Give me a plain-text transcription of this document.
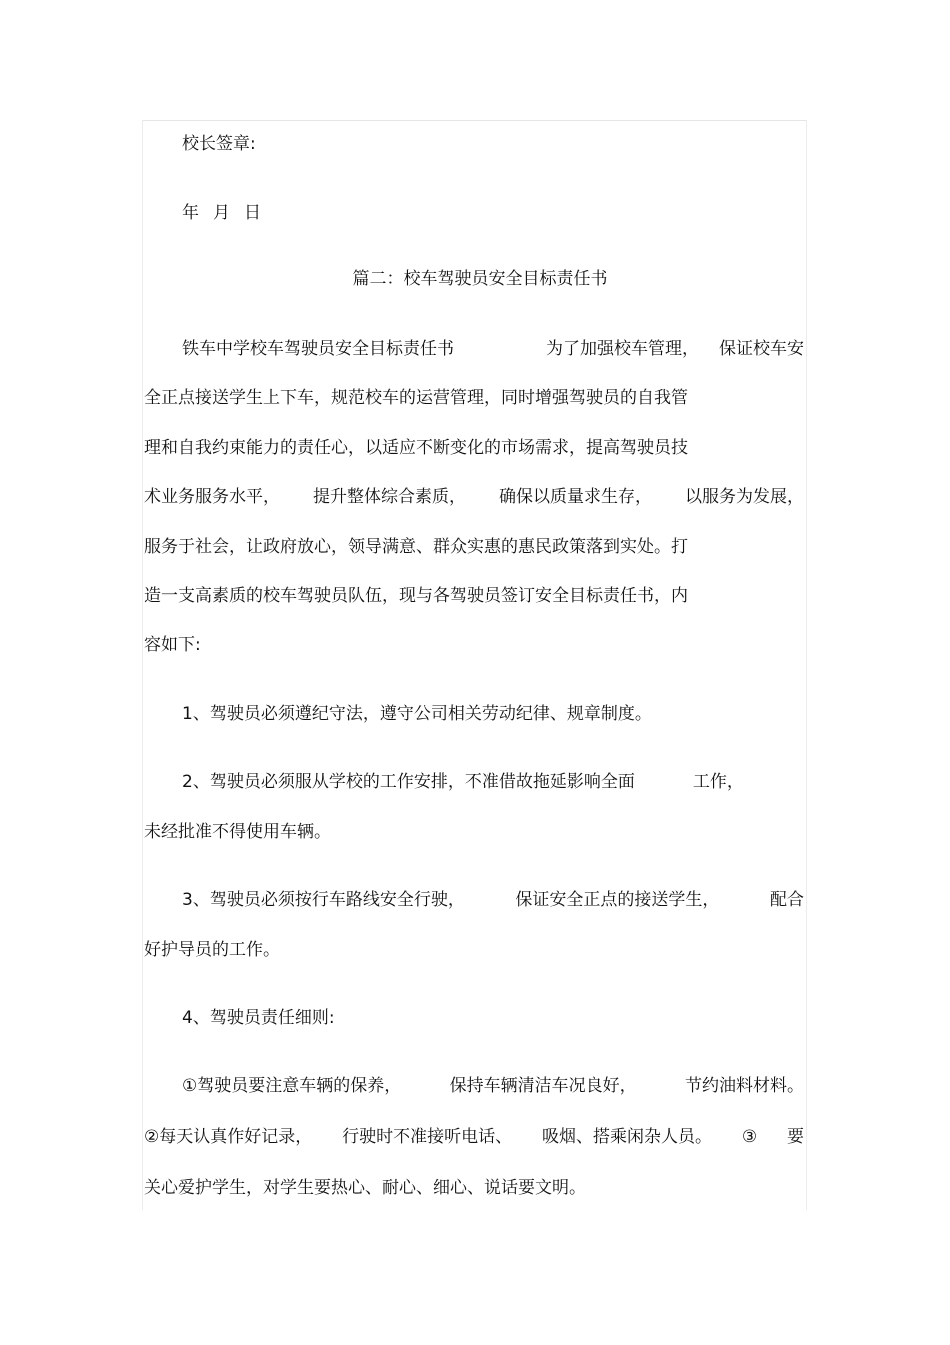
校长签章:
年 月 日
篇二：校车驾驶员安全目标责任书
铁车中学校车驾驶员安全目标责任书	为了加强校车管理， 保证校车安
全正点接送学生上下车，规范校车的运营管理，同时增强驾驶员的自我管
理和自我约束能力的责任心，以适应不断变化的市场需求，提高驾驶员技
术业务服务水平， 提升整体综合素质， 确保以质量求生存， 以服务为发展，
服务于社会，让政府放心，领导满意、群众实惠的惠民政策落到实处。打
造一支高素质的校车驾驶员队伍，现与各驾驶员签订安全目标责任书，内
容如下:
1、驾驶员必须遵纪守法，遵守公司相关劳动纪律、规章制度。
2、驾驶员必须服从学校的工作安排，不准借故拖延影响全面	工作，
未经批准不得使用车辆。
3、驾驶员必须按行车路线安全行驶，	保证安全正点的接送学生，	配合
好护导员的工作。
4、驾驶员责任细则:
①驾驶员要注意车辆的保养，	保持车辆清洁车况良好，	节约油料材料。
②每天认真作好记录， 行驶时不准接听电话、 吸烟、搭乘闲杂人员。 ③ 要
关心爱护学生，对学生要热心、耐心、细心、说话要文明。
